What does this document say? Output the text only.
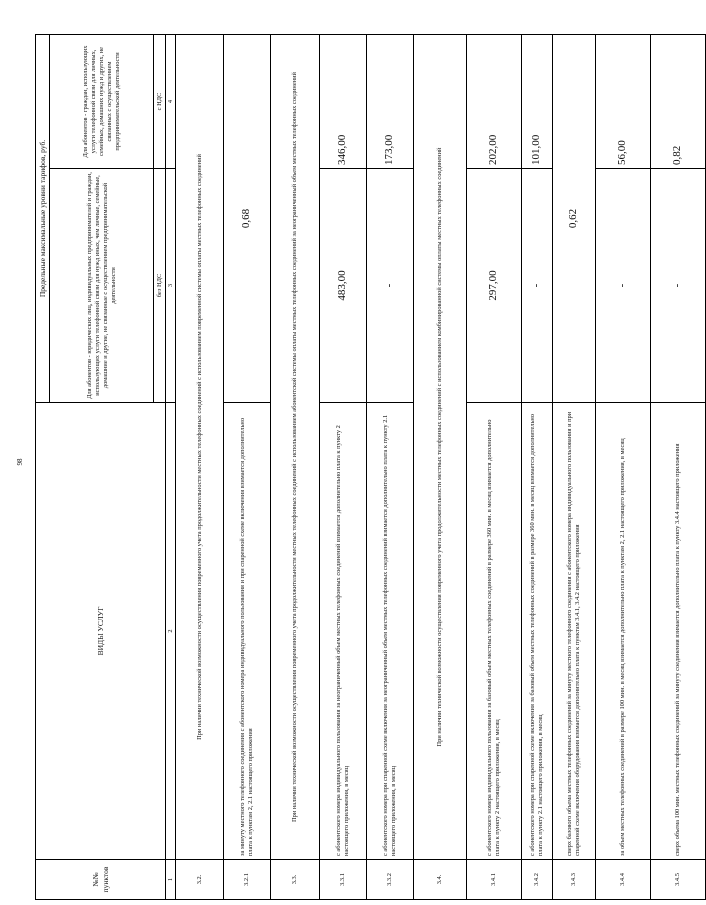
98
№№ пунктов	ВИДЫ УСЛУГ	Предельные максимальные уровни тарифов, руб.	
		Для абонентов - юридических лиц, индивидуальных предпринимателей и граждан, использующих услуги телефонной связи для нужд иных, чем личные, семейные, домашние и другие, не связанные с осуществлением предпринимательской деятельности	Для абонентов - граждан, использующих услуги телефонной связи для личных, семейных, домашних нужд и других, не связанных с осуществлением предпринимательской деятельности
		без НДС	с НДС
1	2	3	4
3.2.	При наличии технической возможности осуществления повременного учета продолжительности местных телефонных соединений с использованием повременной системы оплаты местных телефонных соединений		
3.2.1	за минуту местного телефонного соединения с абонентского номера индивидуального пользования и при спаренной схеме включения взимается дополнительно плата к пунктам 2, 2.1 настоящего приложения	0,68	
3.3.	При наличии технической возможности осуществления повременного учета продолжительности местных телефонных соединений с использованием абонентской системы оплаты местных телефонных соединений за неограниченный объем местных телефонных соединений		
3.3.1	с абонентского номера индивидуального пользования за неограниченный объем местных телефонных соединений взимается дополнительно плата к пункту 2 настоящего приложения, в месяц	483,00	346,00
3.3.2	с абонентского номера при спаренной схеме включения за неограниченный объем местных телефонных соединений взимается дополнительно плата к пункту 2.1 настоящего приложения, в месяц	-	173,00
3.4.	При наличии технической возможности осуществления повременного учета продолжительности местных телефонных соединений с использованием комбинированной системы оплаты местных телефонных соединений		
3.4.1	с абонентского номера индивидуального пользования за базовый объем местных телефонных соединений в размере 360 мин. в месяц взимается дополнительно плата к пункту 2 настоящего приложения, в месяц	297,00	202,00
3.4.2	с абонентского номера при спаренной схеме включения за базовый объем местных телефонных соединений в размере 360 мин. в месяц взимается дополнительно плата к пункту 2.1 настоящего приложения, в месяц	-	101,00
3.4.3	сверх базового объема местных телефонных соединений за минуту местного телефонного соединения с абонентского номера индивидуального пользования и при спаренной схеме включения оборудования взимается дополнительно плата к пунктам 3.4.1, 3.4.2 настоящего приложения	0,62	
3.4.4	за объем местных телефонных соединений в размере 100 мин. в месяц взимается дополнительно плата к пунктам 2, 2.1 настоящего приложения, в месяц	-	56,00
3.4.5	сверх объема 100 мин. местных телефонных соединений за минуту соединения взимается дополнительно плата к пункту 3.4.4 настоящего приложения	-	0,82
